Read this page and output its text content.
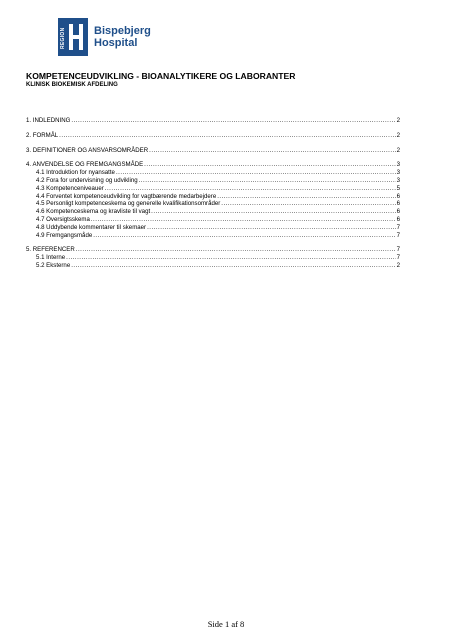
REGION	Bispebjerg
Hospital
KOMPETENCEUDVIKLING - BIOANALYTIKERE OG LABORANTER
KLINISK BIOKEMISK AFDELING
1. INDLEDNING .....	2
2. FORMÅL .....	2
3. DEFINITIONER OG ANSVARSOMRÅDER .....	2
4. ANVENDELSE OG FREMGANGSMÅDE .....	3
4.1 Introduktion for nyansatte .....	3
4.2 Fora for undervisning og udvikling .....	3
4.3 Kompetenceniveauer .....	5
4.4 Forventet kompetenceudvikling for vagtbærende medarbejdere .....	6
4.5 Personligt kompetenceskema og generelle kvalifikationsområder .....	6
4.6 Kompetenceskema og kravliste til vagt .....	6
4.7 Oversigtsskema .....	6
4.8 Uddybende kommentarer til skemaer .....	7
4.9 Fremgangsmåde .....	7
5. REFERENCER .....	7
5.1 Interne .....	7
5.2 Eksterne .....	2
Side 1 af 8
